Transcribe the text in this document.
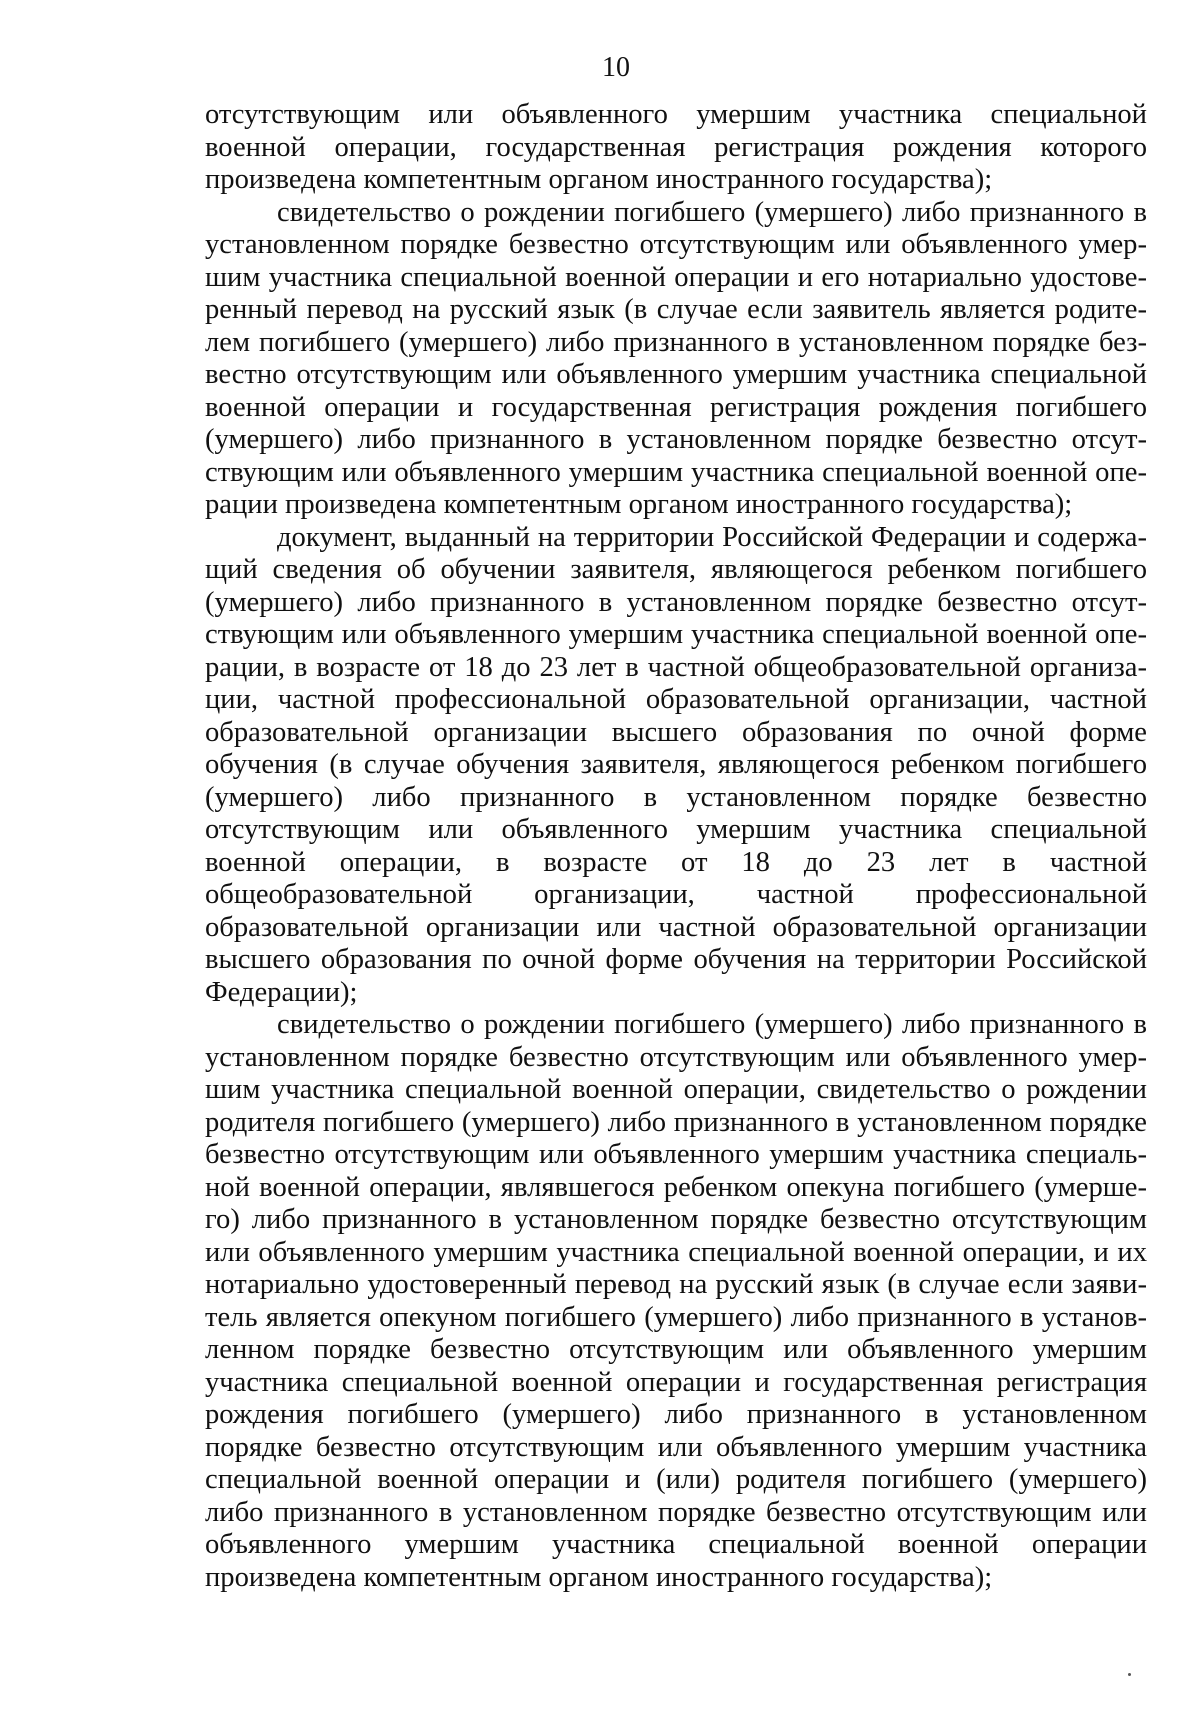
10

отсутствующим или объявленного умершим участника специальной военной операции, государственная регистрация рождения которого произведена компетентным органом иностранного государства);

свидетельство о рождении погибшего (умершего) либо признанного в установленном порядке безвестно отсутствующим или объявленного умершим участника специальной военной операции и его нотариально удостоверенный перевод на русский язык (в случае если заявитель является родителем погибшего (умершего) либо признанного в установленном порядке безвестно отсутствующим или объявленного умершим участника специальной военной операции и государственная регистрация рождения погибшего (умершего) либо признанного в установленном порядке безвестно отсутствующим или объявленного умершим участника специальной военной операции произведена компетентным органом иностранного государства);

документ, выданный на территории Российской Федерации и содержащий сведения об обучении заявителя, являющегося ребенком погибшего (умершего) либо признанного в установленном порядке безвестно отсутствующим или объявленного умершим участника специальной военной операции, в возрасте от 18 до 23 лет в частной общеобразовательной организации, частной профессиональной образовательной организации, частной образовательной организации высшего образования по очной форме обучения (в случае обучения заявителя, являющегося ребенком погибшего (умершего) либо признанного в установленном порядке безвестно отсутствующим или объявленного умершим участника специальной военной операции, в возрасте от 18 до 23 лет в частной общеобразовательной организации, частной профессиональной образовательной организации или частной образовательной организации высшего образования по очной форме обучения на территории Российской Федерации);

свидетельство о рождении погибшего (умершего) либо признанного в установленном порядке безвестно отсутствующим или объявленного умершим участника специальной военной операции, свидетельство о рождении родителя погибшего (умершего) либо признанного в установленном порядке безвестно отсутствующим или объявленного умершим участника специальной военной операции, являвшегося ребенком опекуна погибшего (умершего) либо признанного в установленном порядке безвестно отсутствующим или объявленного умершим участника специальной военной операции, и их нотариально удостоверенный перевод на русский язык (в случае если заявитель является опекуном погибшего (умершего) либо признанного в установленном порядке безвестно отсутствующим или объявленного умершим участника специальной военной операции и государственная регистрация рождения погибшего (умершего) либо признанного в установленном порядке безвестно отсутствующим или объявленного умершим участника специальной военной операции и (или) родителя погибшего (умершего) либо признанного в установленном порядке безвестно отсутствующим или объявленного умершим участника специальной военной операции произведена компетентным органом иностранного государства);
